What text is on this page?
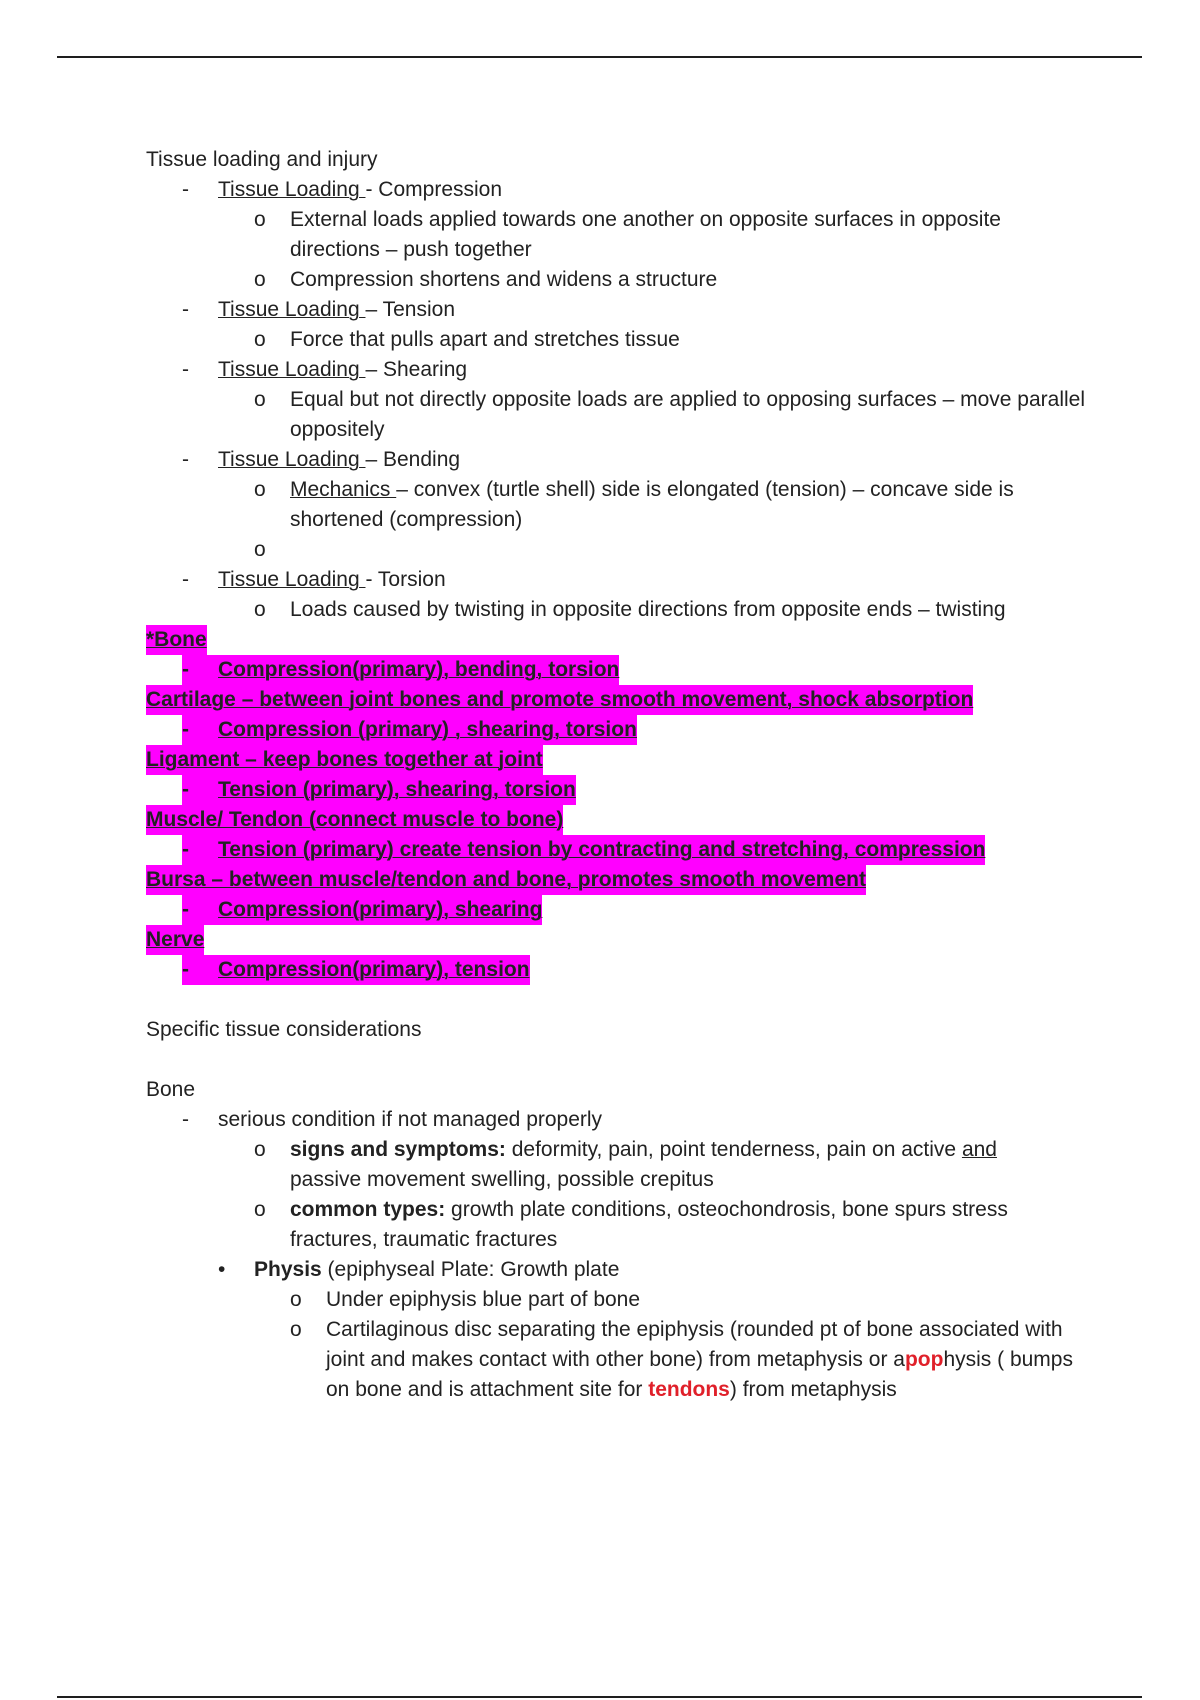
Tissue loading and injury
-	Tissue Loading - Compression
o	External loads applied towards one another on opposite surfaces in opposite directions – push together
o	Compression shortens and widens a structure
-	Tissue Loading – Tension
o	Force that pulls apart and stretches tissue
-	Tissue Loading – Shearing
o	Equal but not directly opposite loads are applied to opposing surfaces – move parallel oppositely
-	Tissue Loading – Bending
o	Mechanics – convex (turtle shell) side is elongated (tension) – concave side is shortened (compression)
o
-	Tissue Loading - Torsion
o	Loads caused by twisting in opposite directions from opposite ends – twisting
*Bone
-	Compression(primary), bending, torsion
Cartilage – between joint bones and promote smooth movement, shock absorption
-	Compression (primary) , shearing, torsion
Ligament – keep bones together at joint
-	Tension (primary), shearing, torsion
Muscle/ Tendon (connect muscle to bone)
-	Tension (primary) create tension by contracting and stretching, compression
Bursa – between muscle/tendon and bone, promotes smooth movement
-	Compression(primary), shearing
Nerve
-	Compression(primary), tension
Specific tissue considerations
Bone
-	serious condition if not managed properly
o	signs and symptoms: deformity, pain, point tenderness, pain on active and
passive movement swelling, possible crepitus
o	common types: growth plate conditions, osteochondrosis, bone spurs stress fractures, traumatic fractures
•	Physis (epiphyseal Plate: Growth plate
o	Under epiphysis blue part of bone
o	Cartilaginous disc separating the epiphysis (rounded pt of bone associated with joint and makes contact with other bone) from metaphysis or apophysis ( bumps on bone and is attachment site for tendons) from metaphysis
